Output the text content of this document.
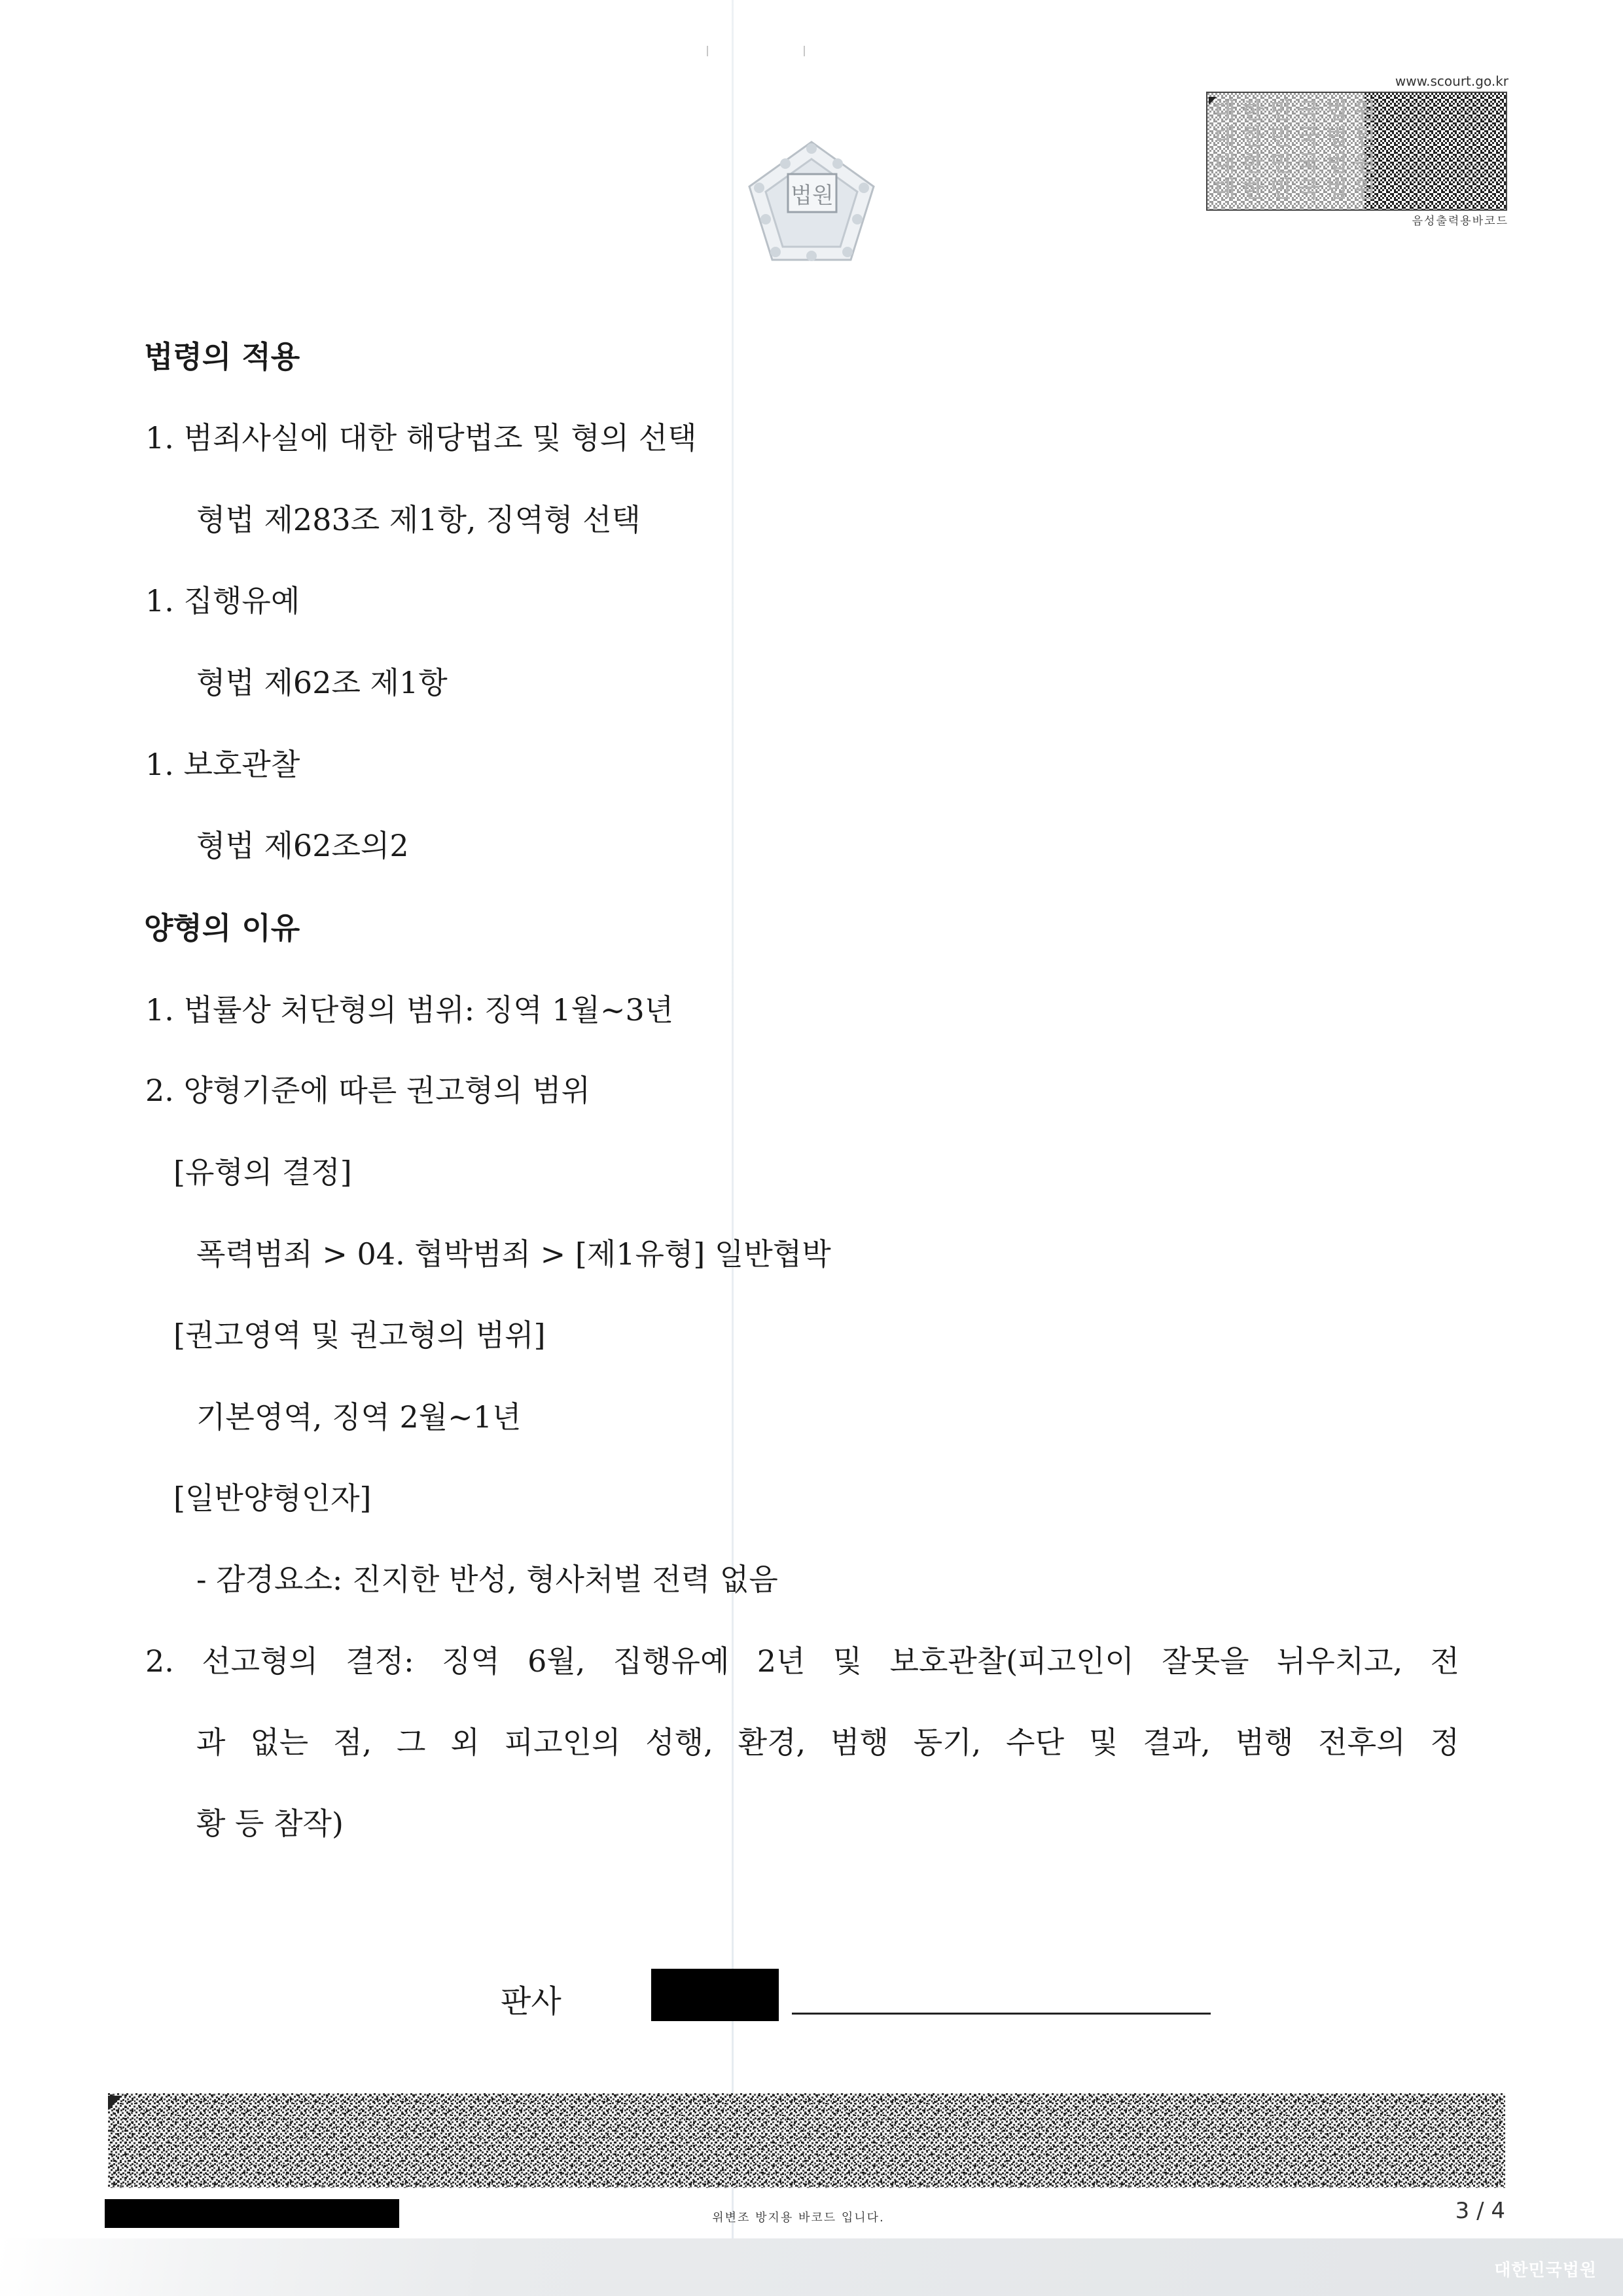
법원
www.scourt.go.kr
대한민국법원
대한민국법원
대한민국법원
대한민국법원
음성출력용바코드
법령의 적용
1. 범죄사실에 대한 해당법조 및 형의 선택
형법 제283조 제1항, 징역형 선택
1. 집행유예
형법 제62조 제1항
1. 보호관찰
형법 제62조의2
양형의 이유
1. 법률상 처단형의 범위: 징역 1월∼3년
2. 양형기준에 따른 권고형의 범위
[유형의 결정]
폭력범죄 > 04. 협박범죄 > [제1유형] 일반협박
[권고영역 및 권고형의 범위]
기본영역, 징역 2월∼1년
[일반양형인자]
- 감경요소: 진지한 반성, 형사처벌 전력 없음
2. 선고형의 결정: 징역 6월, 집행유예 2년 및 보호관찰(피고인이 잘못을 뉘우치고, 전
과 없는 점, 그 외 피고인의 성행, 환경, 범행 동기, 수단 및 결과, 범행 전후의 정
황 등 참작)
판사
위변조 방지용 바코드 입니다.	3 / 4
대한민국법원
